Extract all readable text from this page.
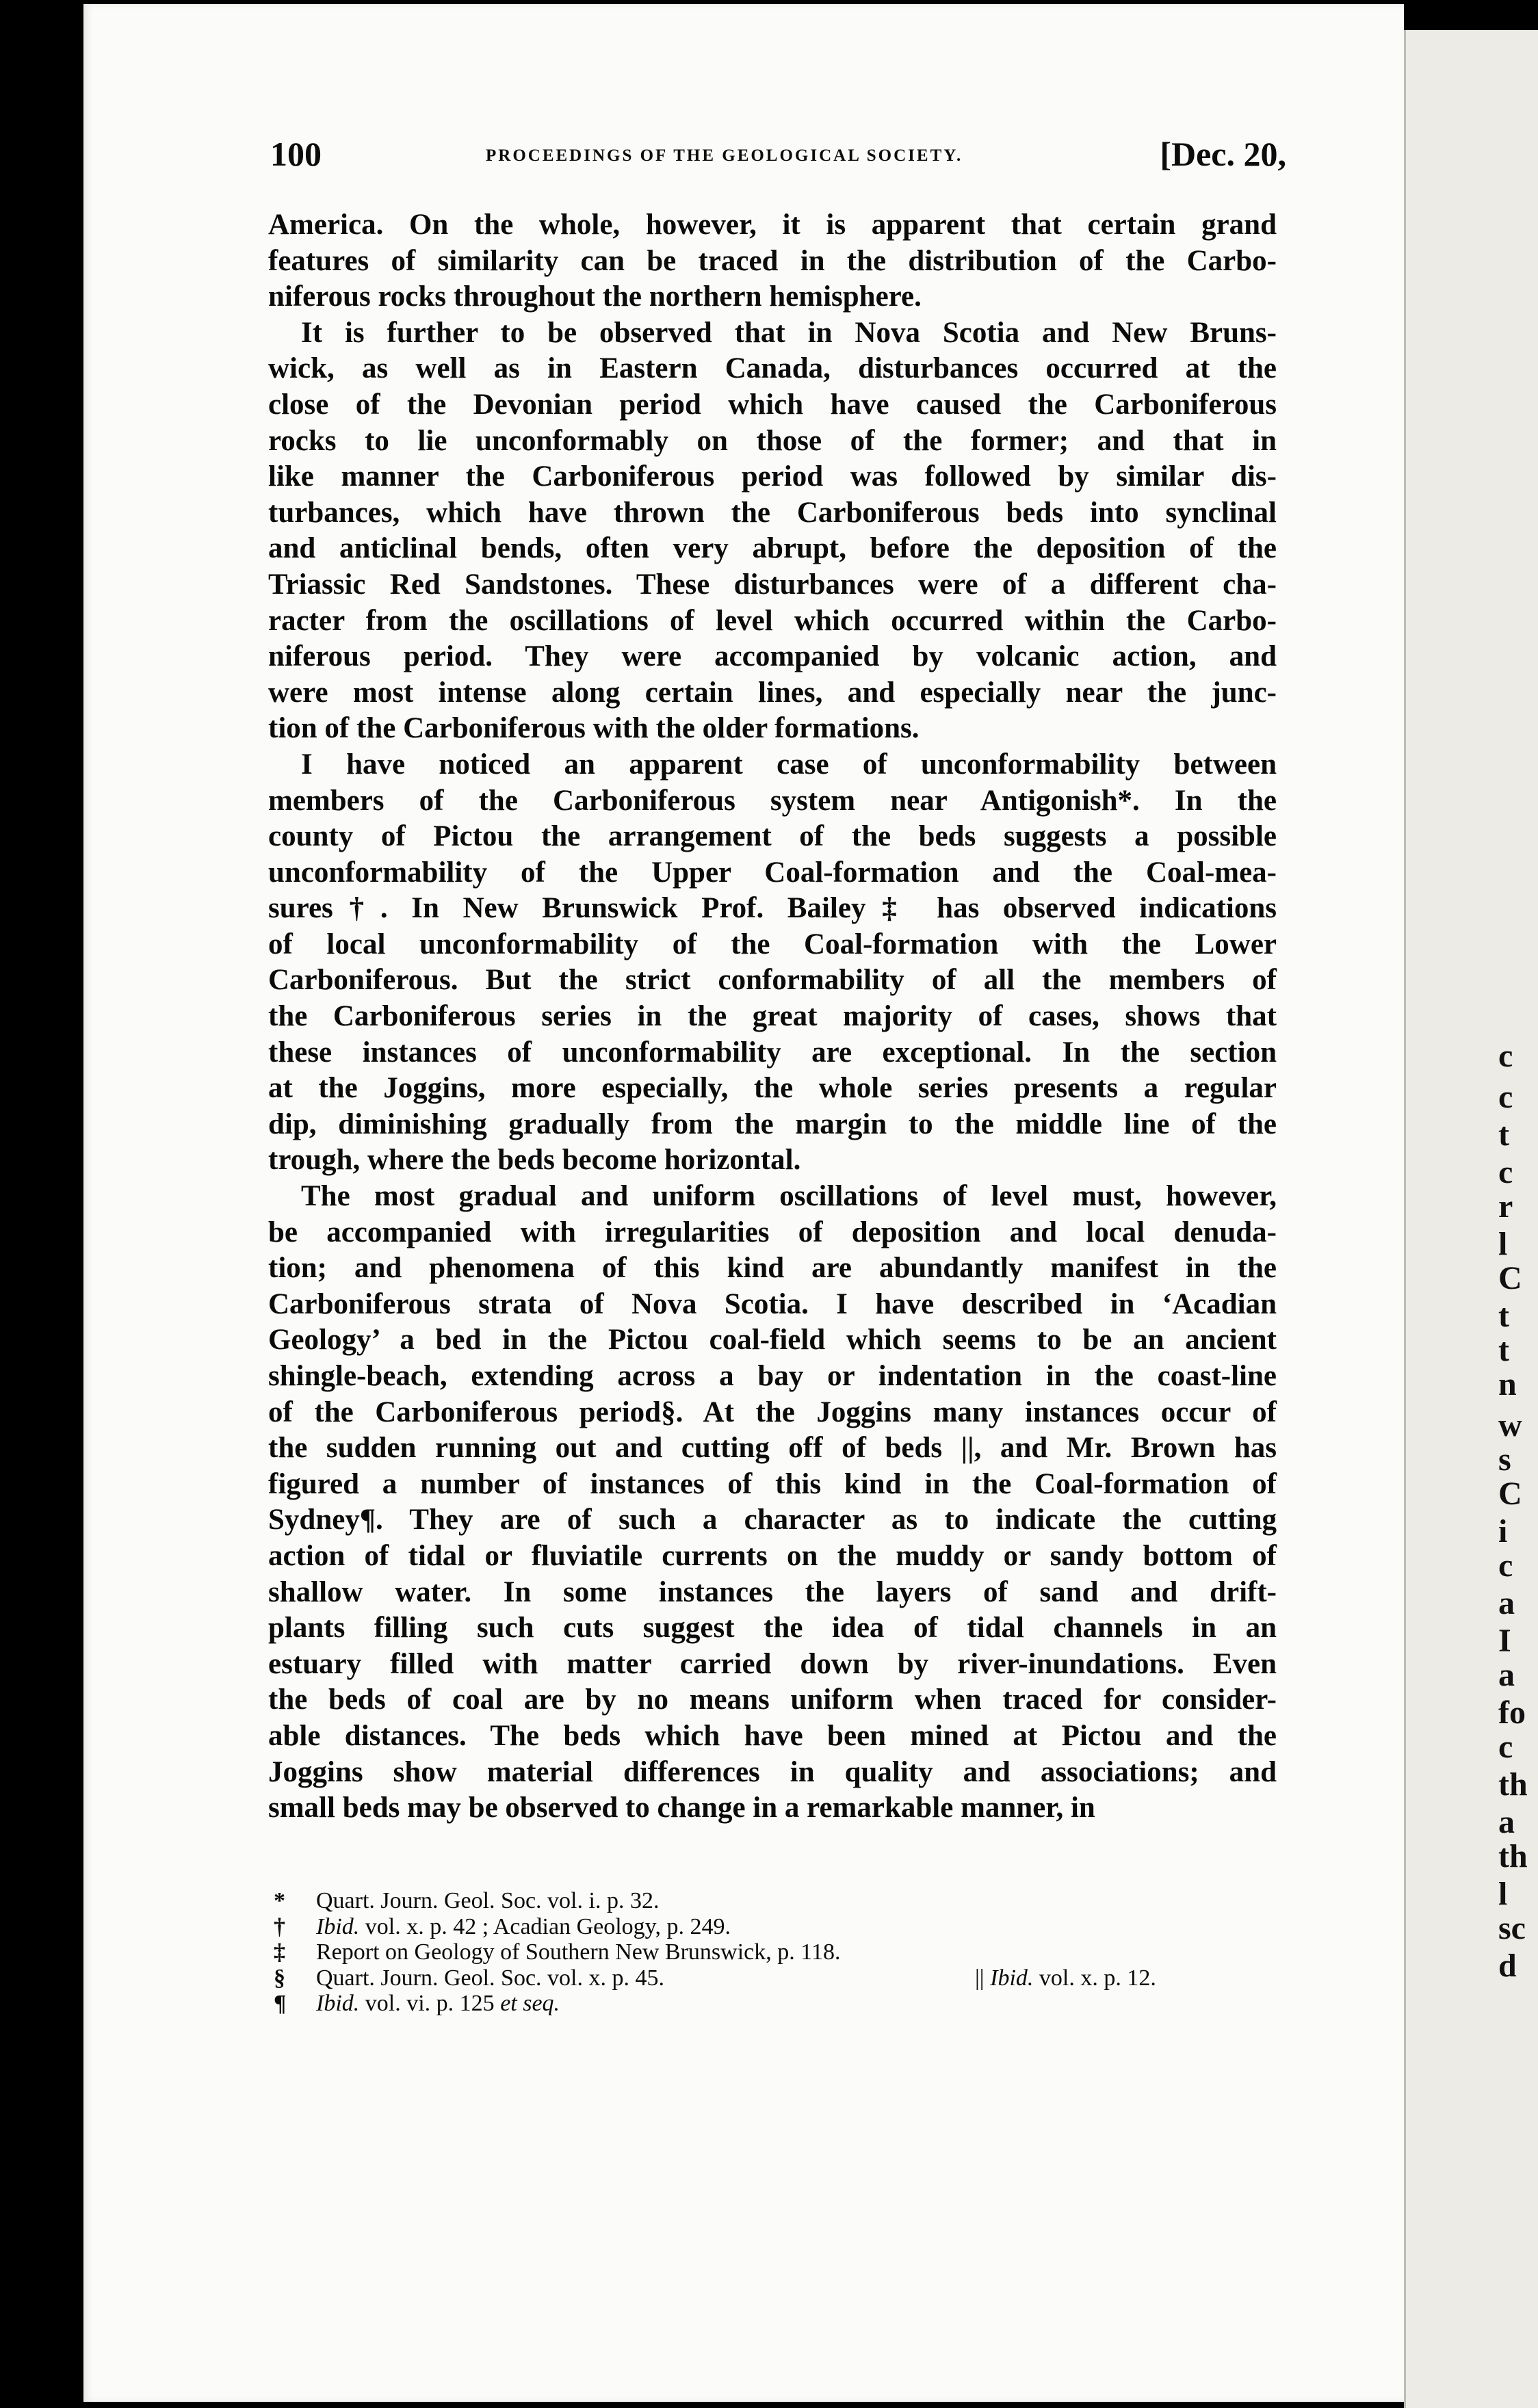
c
c
t
c
r
l
C
t
t
n
w
s
C
i
c
a
I
a
fo
c
th
a
th
l
sc
d
100	PROCEEDINGS OF THE GEOLOGICAL SOCIETY.	[Dec. 20,
America. On the whole, however, it is apparent that certain grand
features of similarity can be traced in the distribution of the Carbo-
niferous rocks throughout the northern hemisphere.
It is further to be observed that in Nova Scotia and New Bruns-
wick, as well as in Eastern Canada, disturbances occurred at the
close of the Devonian period which have caused the Carboniferous
rocks to lie unconformably on those of the former; and that in
like manner the Carboniferous period was followed by similar dis-
turbances, which have thrown the Carboniferous beds into synclinal
and anticlinal bends, often very abrupt, before the deposition of the
Triassic Red Sandstones. These disturbances were of a different cha-
racter from the oscillations of level which occurred within the Carbo-
niferous period. They were accompanied by volcanic action, and
were most intense along certain lines, and especially near the junc-
tion of the Carboniferous with the older formations.
I have noticed an apparent case of unconformability between
members of the Carboniferous system near Antigonish*. In the
county of Pictou the arrangement of the beds suggests a possible
unconformability of the Upper Coal-formation and the Coal-mea-
sures†. In New Brunswick Prof. Bailey‡ has observed indications
of local unconformability of the Coal-formation with the Lower
Carboniferous. But the strict conformability of all the members of
the Carboniferous series in the great majority of cases, shows that
these instances of unconformability are exceptional. In the section
at the Joggins, more especially, the whole series presents a regular
dip, diminishing gradually from the margin to the middle line of the
trough, where the beds become horizontal.
The most gradual and uniform oscillations of level must, however,
be accompanied with irregularities of deposition and local denuda-
tion; and phenomena of this kind are abundantly manifest in the
Carboniferous strata of Nova Scotia. I have described in ‘Acadian
Geology’ a bed in the Pictou coal-field which seems to be an ancient
shingle-beach, extending across a bay or indentation in the coast-line
of the Carboniferous period§. At the Joggins many instances occur of
the sudden running out and cutting off of beds ||, and Mr. Brown has
figured a number of instances of this kind in the Coal-formation of
Sydney¶. They are of such a character as to indicate the cutting
action of tidal or fluviatile currents on the muddy or sandy bottom of
shallow water. In some instances the layers of sand and drift-
plants filling such cuts suggest the idea of tidal channels in an
estuary filled with matter carried down by river-inundations. Even
the beds of coal are by no means uniform when traced for consider-
able distances. The beds which have been mined at Pictou and the
Joggins show material differences in quality and associations; and
small beds may be observed to change in a remarkable manner, in
* Quart. Journ. Geol. Soc. vol. i. p. 32.
† Ibid. vol. x. p. 42 ; Acadian Geology, p. 249.
‡ Report on Geology of Southern New Brunswick, p. 118.
§ Quart. Journ. Geol. Soc. vol. x. p. 45.	|| Ibid. vol. x. p. 12.
¶ Ibid. vol. vi. p. 125 et seq.
